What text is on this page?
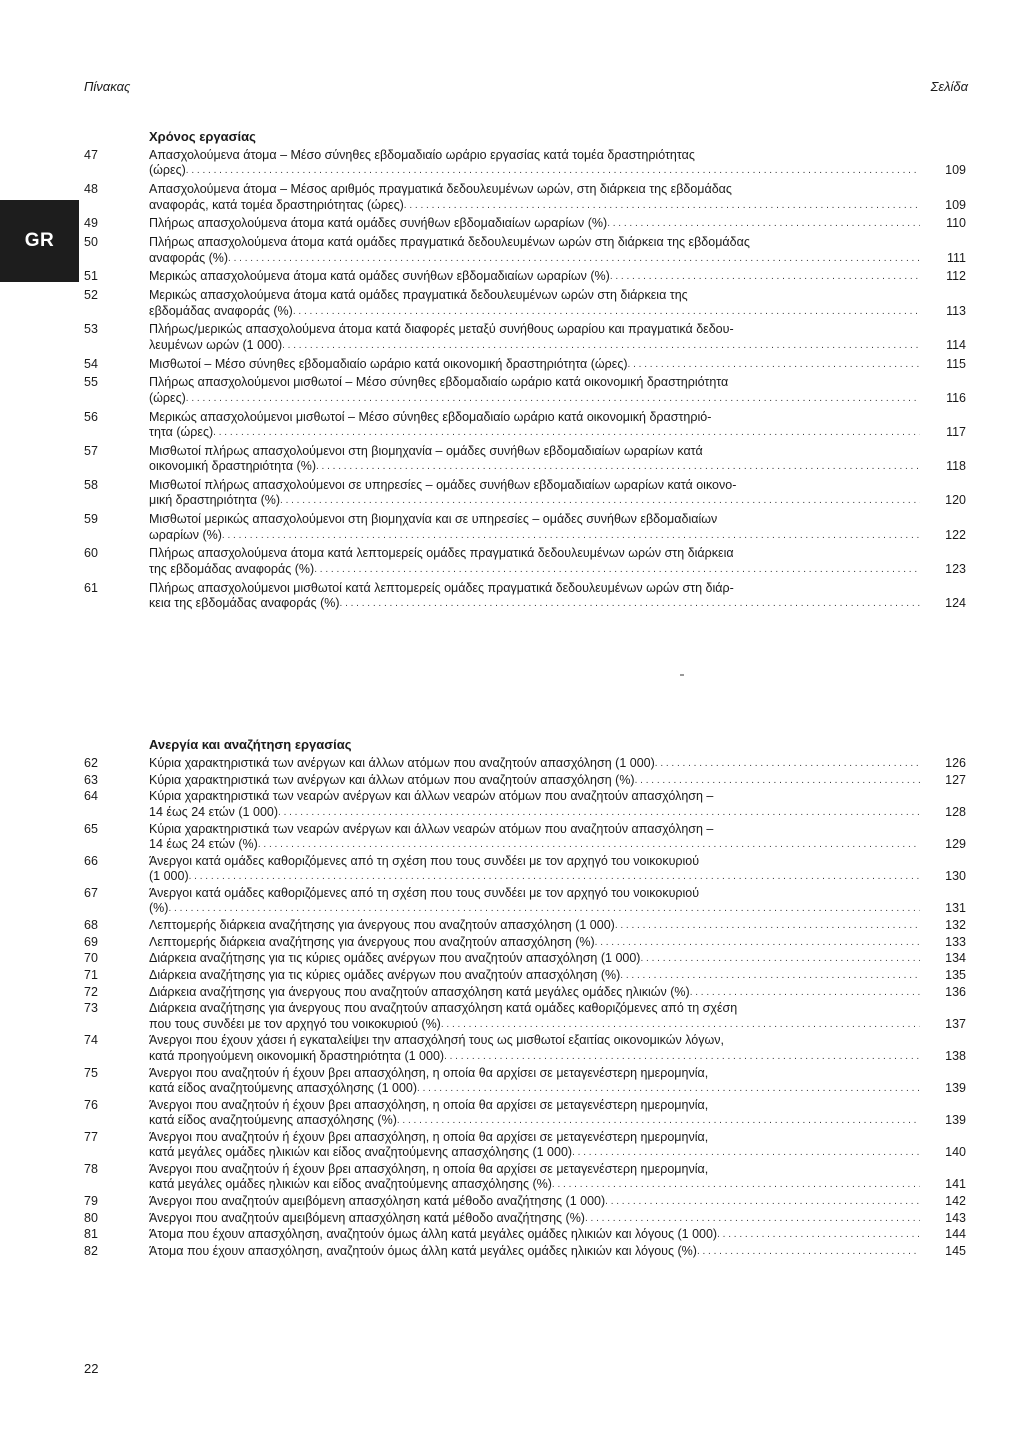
Πίνακας	Σελίδα
GR
Χρόνος εργασίας
47	Απασχολούμενα άτομα – Μέσο σύνηθες εβδομαδιαίο ωράριο εργασίας κατά τομέα δραστηριότητας
(ώρες) . . .	109
48	Απασχολούμενα άτομα – Μέσος αριθμός πραγματικά δεδουλευμένων ωρών, στη διάρκεια της εβδομάδας
αναφοράς, κατά τομέα δραστηριότητας (ώρες) . . .	109
49	Πλήρως απασχολούμενα άτομα κατά ομάδες συνήθων εβδομαδιαίων ωραρίων (%) . . .	110
50	Πλήρως απασχολούμενα άτομα κατά ομάδες πραγματικά δεδουλευμένων ωρών στη διάρκεια της εβδομάδας
αναφοράς (%) . . .	111
51	Μερικώς απασχολούμενα άτομα κατά ομάδες συνήθων εβδομαδιαίων ωραρίων (%) . . .	112
52	Μερικώς απασχολούμενα άτομα κατά ομάδες πραγματικά δεδουλευμένων ωρών στη διάρκεια της
εβδομάδας αναφοράς (%) . . .	113
53	Πλήρως/μερικώς απασχολούμενα άτομα κατά διαφορές μεταξύ συνήθους ωραρίου και πραγματικά δεδου-
λευμένων ωρών (1 000) . . .	114
54	Μισθωτοί – Μέσο σύνηθες εβδομαδιαίο ωράριο κατά οικονομική δραστηριότητα (ώρες) . . .	115
55	Πλήρως απασχολούμενοι μισθωτοί – Μέσο σύνηθες εβδομαδιαίο ωράριο κατά οικονομική δραστηριότητα
(ώρες) . . .	116
56	Μερικώς απασχολούμενοι μισθωτοί – Μέσο σύνηθες εβδομαδιαίο ωράριο κατά οικονομική δραστηριό-
τητα (ώρες) . . .	117
57	Μισθωτοί πλήρως απασχολούμενοι στη βιομηχανία – ομάδες συνήθων εβδομαδιαίων ωραρίων κατά
οικονομική δραστηριότητα (%) . . .	118
58	Μισθωτοί πλήρως απασχολούμενοι σε υπηρεσίες – ομάδες συνήθων εβδομαδιαίων ωραρίων κατά οικονο-
μική δραστηριότητα (%) . . .	120
59	Μισθωτοί μερικώς απασχολούμενοι στη βιομηχανία και σε υπηρεσίες – ομάδες συνήθων εβδομαδιαίων
ωραρίων (%) . . .	122
60	Πλήρως απασχολούμενα άτομα κατά λεπτομερείς ομάδες πραγματικά δεδουλευμένων ωρών στη διάρκεια
της εβδομάδας αναφοράς (%) . . .	123
61	Πλήρως απασχολούμενοι μισθωτοί κατά λεπτομερείς ομάδες πραγματικά δεδουλευμένων ωρών στη διάρ-
κεια της εβδομάδας αναφοράς (%) . . .	124
Ανεργία και αναζήτηση εργασίας
62	Κύρια χαρακτηριστικά των ανέργων και άλλων ατόμων που αναζητούν απασχόληση (1 000) . . .	126
63	Κύρια χαρακτηριστικά των ανέργων και άλλων ατόμων που αναζητούν απασχόληση (%) . . .	127
64	Κύρια χαρακτηριστικά των νεαρών ανέργων και άλλων νεαρών ατόμων που αναζητούν απασχόληση –
14 έως 24 ετών (1 000) . . .	128
65	Κύρια χαρακτηριστικά των νεαρών ανέργων και άλλων νεαρών ατόμων που αναζητούν απασχόληση –
14 έως 24 ετών (%) . . .	129
66	Άνεργοι κατά ομάδες καθοριζόμενες από τη σχέση που τους συνδέει με τον αρχηγό του νοικοκυριού
(1 000) . . .	130
67	Άνεργοι κατά ομάδες καθοριζόμενες από τη σχέση που τους συνδέει με τον αρχηγό του νοικοκυριού
(%) . . .	131
68	Λεπτομερής διάρκεια αναζήτησης για άνεργους που αναζητούν απασχόληση (1 000) . . .	132
69	Λεπτομερής διάρκεια αναζήτησης για άνεργους που αναζητούν απασχόληση (%) . . .	133
70	Διάρκεια αναζήτησης για τις κύριες ομάδες ανέργων που αναζητούν απασχόληση (1 000) . . .	134
71	Διάρκεια αναζήτησης για τις κύριες ομάδες ανέργων που αναζητούν απασχόληση (%) . . .	135
72	Διάρκεια αναζήτησης για άνεργους που αναζητούν απασχόληση κατά μεγάλες ομάδες ηλικιών (%) . . .	136
73	Διάρκεια αναζήτησης για άνεργους που αναζητούν απασχόληση κατά ομάδες καθοριζόμενες από τη σχέση
που τους συνδέει με τον αρχηγό του νοικοκυριού (%) . . .	137
74	Άνεργοι που έχουν χάσει ή εγκαταλείψει την απασχόλησή τους ως μισθωτοί εξαιτίας οικονομικών λόγων,
κατά προηγούμενη οικονομική δραστηριότητα (1 000) . . .	138
75	Άνεργοι που αναζητούν ή έχουν βρει απασχόληση, η οποία θα αρχίσει σε μεταγενέστερη ημερομηνία,
κατά είδος αναζητούμενης απασχόλησης (1 000) . . .	139
76	Άνεργοι που αναζητούν ή έχουν βρει απασχόληση, η οποία θα αρχίσει σε μεταγενέστερη ημερομηνία,
κατά είδος αναζητούμενης απασχόλησης (%) . . .	139
77	Άνεργοι που αναζητούν ή έχουν βρει απασχόληση, η οποία θα αρχίσει σε μεταγενέστερη ημερομηνία,
κατά μεγάλες ομάδες ηλικιών και είδος αναζητούμενης απασχόλησης (1 000) . . .	140
78	Άνεργοι που αναζητούν ή έχουν βρει απασχόληση, η οποία θα αρχίσει σε μεταγενέστερη ημερομηνία,
κατά μεγάλες ομάδες ηλικιών και είδος αναζητούμενης απασχόλησης (%) . . .	141
79	Άνεργοι που αναζητούν αμειβόμενη απασχόληση κατά μέθοδο αναζήτησης (1 000) . . .	142
80	Άνεργοι που αναζητούν αμειβόμενη απασχόληση κατά μέθοδο αναζήτησης (%) . . .	143
81	Άτομα που έχουν απασχόληση, αναζητούν όμως άλλη κατά μεγάλες ομάδες ηλικιών και λόγους (1 000) . . .	144
82	Άτομα που έχουν απασχόληση, αναζητούν όμως άλλη κατά μεγάλες ομάδες ηλικιών και λόγους (%) . . .	145
22
